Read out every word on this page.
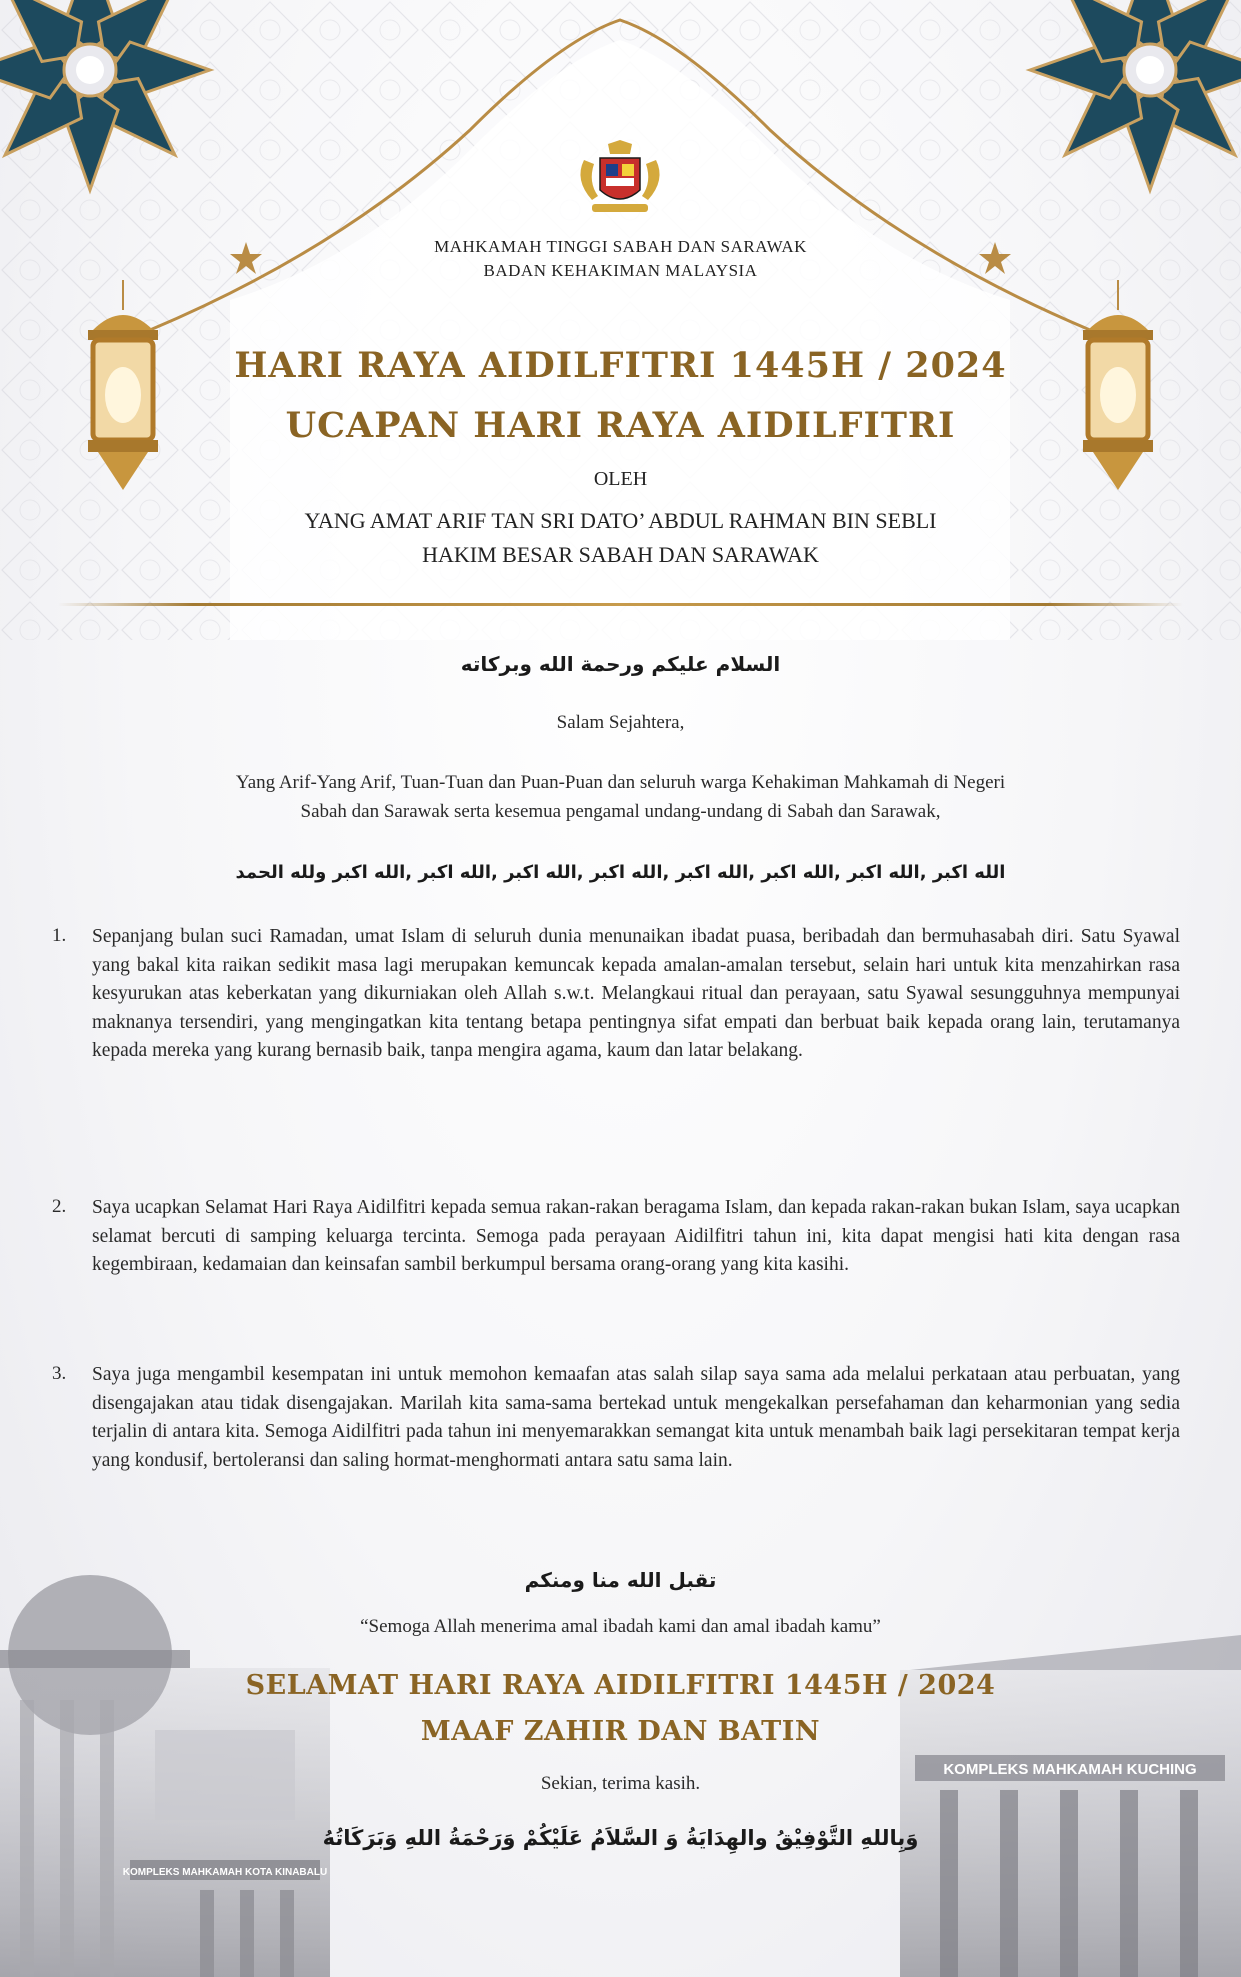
MAHKAMAH TINGGI SABAH DAN SARAWAK
BADAN KEHAKIMAN MALAYSIA
HARI RAYA AIDILFITRI 1445H / 2024
UCAPAN HARI RAYA AIDILFITRI
OLEH
YANG AMAT ARIF TAN SRI DATO’ ABDUL RAHMAN BIN SEBLI
HAKIM BESAR SABAH DAN SARAWAK
السلام عليكم ورحمة الله وبركاته
Salam Sejahtera,
Yang Arif-Yang Arif, Tuan-Tuan dan Puan-Puan dan seluruh warga Kehakiman Mahkamah di Negeri
Sabah dan Sarawak serta kesemua pengamal undang-undang di Sabah dan Sarawak,
الله اكبر ,الله اكبر ,الله اكبر ,الله اكبر ,الله اكبر ,الله اكبر ,الله اكبر ,الله اكبر ولله الحمد
1. Sepanjang bulan suci Ramadan, umat Islam di seluruh dunia menunaikan ibadat puasa, beribadah dan bermuhasabah diri. Satu Syawal yang bakal kita raikan sedikit masa lagi merupakan kemuncak kepada amalan-amalan tersebut, selain hari untuk kita menzahirkan rasa kesyurukan atas keberkatan yang dikurniakan oleh Allah s.w.t. Melangkaui ritual dan perayaan, satu Syawal sesungguhnya mempunyai maknanya tersendiri, yang mengingatkan kita tentang betapa pentingnya sifat empati dan berbuat baik kepada orang lain, terutamanya kepada mereka yang kurang bernasib baik, tanpa mengira agama, kaum dan latar belakang.
2. Saya ucapkan Selamat Hari Raya Aidilfitri kepada semua rakan-rakan beragama Islam, dan kepada rakan-rakan bukan Islam, saya ucapkan selamat bercuti di samping keluarga tercinta. Semoga pada perayaan Aidilfitri tahun ini, kita dapat mengisi hati kita dengan rasa kegembiraan, kedamaian dan keinsafan sambil berkumpul bersama orang-orang yang kita kasihi.
3. Saya juga mengambil kesempatan ini untuk memohon kemaafan atas salah silap saya sama ada melalui perkataan atau perbuatan, yang disengajakan atau tidak disengajakan. Marilah kita sama-sama bertekad untuk mengekalkan persefahaman dan keharmonian yang sedia terjalin di antara kita. Semoga Aidilfitri pada tahun ini menyemarakkan semangat kita untuk menambah baik lagi persekitaran tempat kerja yang kondusif, bertoleransi dan saling hormat-menghormati antara satu sama lain.
KOMPLEKS MAHKAMAH KOTA KINABALU
KOMPLEKS MAHKAMAH KUCHING
تقبل الله منا ومنكم
“Semoga Allah menerima amal ibadah kami dan amal ibadah kamu”
SELAMAT HARI RAYA AIDILFITRI 1445H / 2024
MAAF ZAHIR DAN BATIN
Sekian, terima kasih.
وَبِاللهِ التَّوْفِيْقُ والهِدَايَةُ وَ السَّلاَمُ عَلَيْكُمْ وَرَحْمَةُ اللهِ وَبَرَكَاتُهُ
